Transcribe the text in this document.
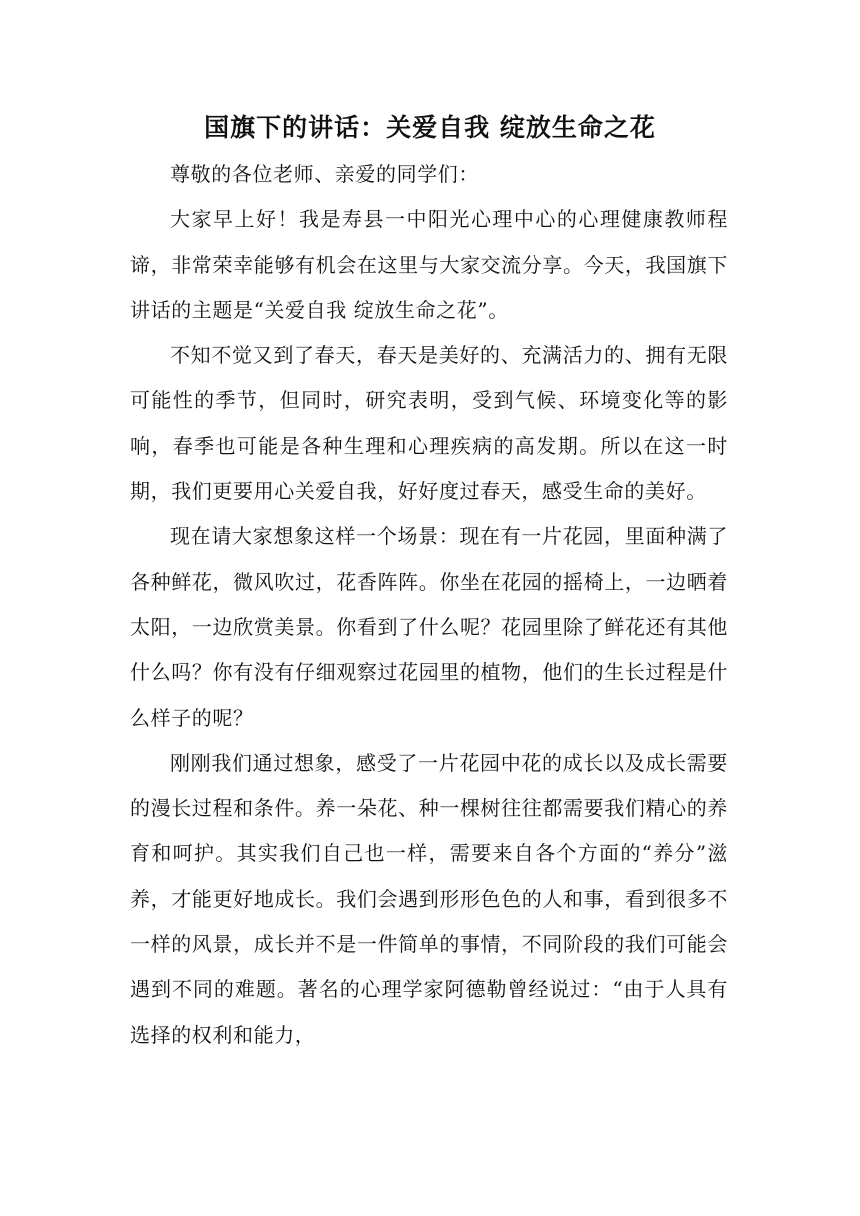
国旗下的讲话：关爱自我 绽放生命之花

尊敬的各位老师、亲爱的同学们：

大家早上好！我是寿县一中阳光心理中心的心理健康教师程谛，非常荣幸能够有机会在这里与大家交流分享。今天，我国旗下讲话的主题是“关爱自我 绽放生命之花”。

不知不觉又到了春天，春天是美好的、充满活力的、拥有无限可能性的季节，但同时，研究表明，受到气候、环境变化等的影响，春季也可能是各种生理和心理疾病的高发期。所以在这一时期，我们更要用心关爱自我，好好度过春天，感受生命的美好。

现在请大家想象这样一个场景：现在有一片花园，里面种满了各种鲜花，微风吹过，花香阵阵。你坐在花园的摇椅上，一边晒着太阳，一边欣赏美景。你看到了什么呢？花园里除了鲜花还有其他什么吗？你有没有仔细观察过花园里的植物，他们的生长过程是什么样子的呢？

刚刚我们通过想象，感受了一片花园中花的成长以及成长需要的漫长过程和条件。养一朵花、种一棵树往往都需要我们精心的养育和呵护。其实我们自己也一样，需要来自各个方面的“养分”滋养，才能更好地成长。我们会遇到形形色色的人和事，看到很多不一样的风景，成长并不是一件简单的事情，不同阶段的我们可能会遇到不同的难题。著名的心理学家阿德勒曾经说过：“由于人具有选择的权利和能力，
